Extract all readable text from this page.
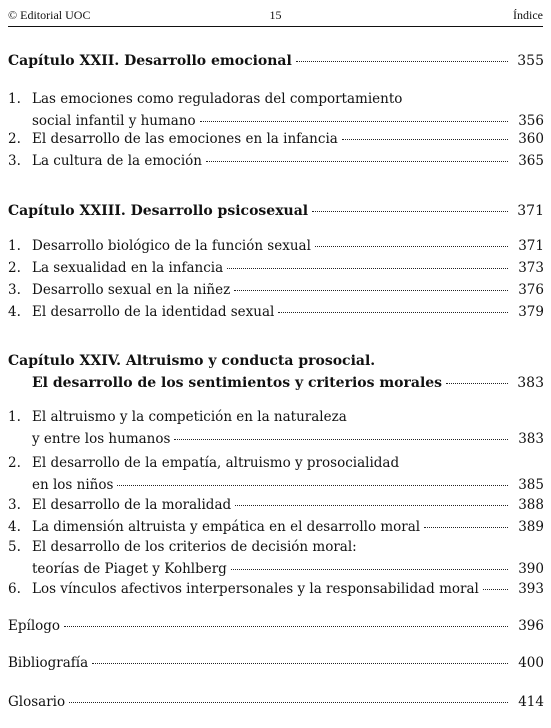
© Editorial UOC	15	Índice
Capítulo XXII. Desarrollo emocional	355
1. Las emociones como reguladoras del comportamiento
social infantil y humano	356
2. El desarrollo de las emociones en la infancia	360
3. La cultura de la emoción	365
Capítulo XXIII. Desarrollo psicosexual	371
1. Desarrollo biológico de la función sexual	371
2. La sexualidad en la infancia	373
3. Desarrollo sexual en la niñez	376
4. El desarrollo de la identidad sexual	379
Capítulo XXIV. Altruismo y conducta prosocial.
El desarrollo de los sentimientos y criterios morales	383
1. El altruismo y la competición en la naturaleza
y entre los humanos	383
2. El desarrollo de la empatía, altruismo y prosocialidad
en los niños	385
3. El desarrollo de la moralidad	388
4. La dimensión altruista y empática en el desarrollo moral	389
5. El desarrollo de los criterios de decisión moral:
teorías de Piaget y Kohlberg	390
6. Los vínculos afectivos interpersonales y la responsabilidad moral	393
Epílogo	396
Bibliografía	400
Glosario	414
